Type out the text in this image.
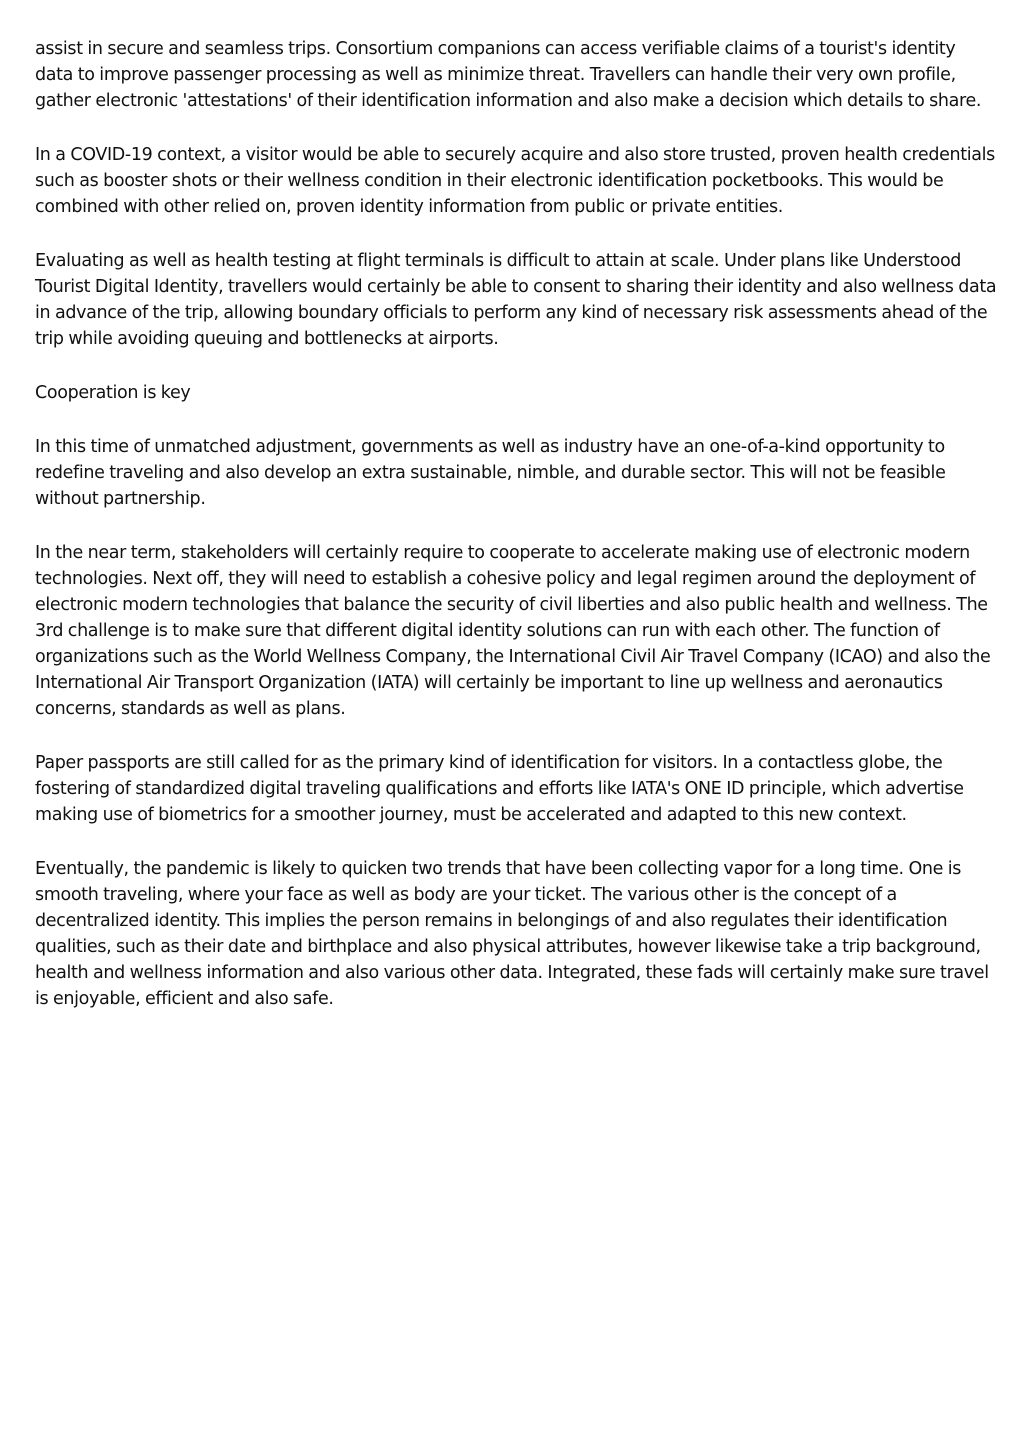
assist in secure and seamless trips. Consortium companions can access verifiable claims of a tourist's identity data to improve passenger processing as well as minimize threat. Travellers can handle their very own profile, gather electronic 'attestations' of their identification information and also make a decision which details to share.

In a COVID-19 context, a visitor would be able to securely acquire and also store trusted, proven health credentials such as booster shots or their wellness condition in their electronic identification pocketbooks. This would be combined with other relied on, proven identity information from public or private entities.

Evaluating as well as health testing at flight terminals is difficult to attain at scale. Under plans like Understood Tourist Digital Identity, travellers would certainly be able to consent to sharing their identity and also wellness data in advance of the trip, allowing boundary officials to perform any kind of necessary risk assessments ahead of the trip while avoiding queuing and bottlenecks at airports.

Cooperation is key

In this time of unmatched adjustment, governments as well as industry have an one-of-a-kind opportunity to redefine traveling and also develop an extra sustainable, nimble, and durable sector. This will not be feasible without partnership.

In the near term, stakeholders will certainly require to cooperate to accelerate making use of electronic modern technologies. Next off, they will need to establish a cohesive policy and legal regimen around the deployment of electronic modern technologies that balance the security of civil liberties and also public health and wellness. The 3rd challenge is to make sure that different digital identity solutions can run with each other. The function of organizations such as the World Wellness Company, the International Civil Air Travel Company (ICAO) and also the International Air Transport Organization (IATA) will certainly be important to line up wellness and aeronautics concerns, standards as well as plans.

Paper passports are still called for as the primary kind of identification for visitors. In a contactless globe, the fostering of standardized digital traveling qualifications and efforts like IATA's ONE ID principle, which advertise making use of biometrics for a smoother journey, must be accelerated and adapted to this new context.

Eventually, the pandemic is likely to quicken two trends that have been collecting vapor for a long time. One is smooth traveling, where your face as well as body are your ticket. The various other is the concept of a decentralized identity. This implies the person remains in belongings of and also regulates their identification qualities, such as their date and birthplace and also physical attributes, however likewise take a trip background, health and wellness information and also various other data. Integrated, these fads will certainly make sure travel is enjoyable, efficient and also safe.
